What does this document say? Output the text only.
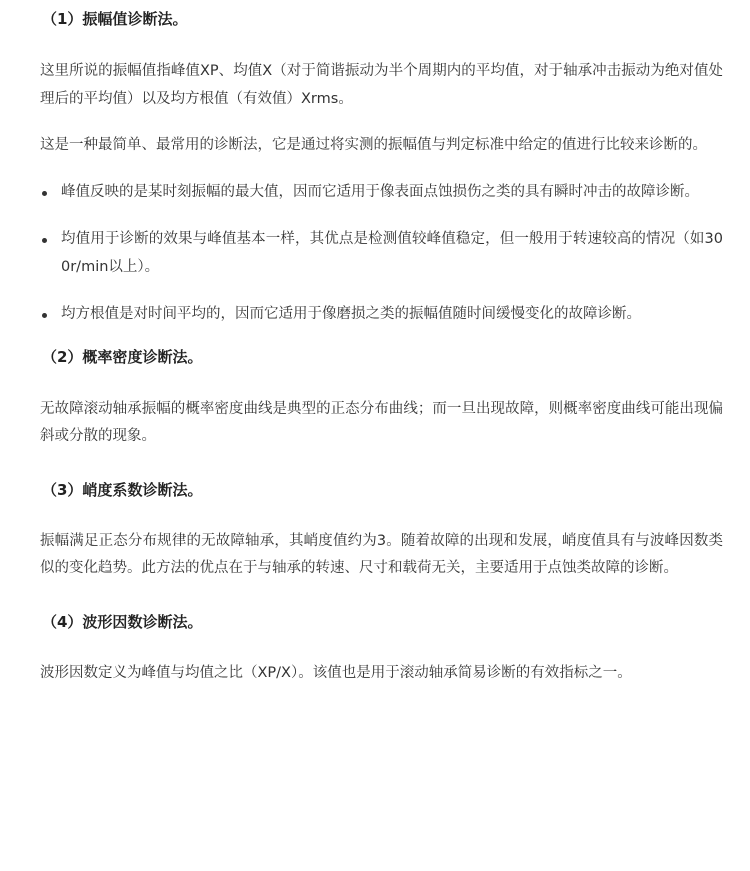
（1）振幅值诊断法。

这里所说的振幅值指峰值XP、均值X（对于简谐振动为半个周期内的平均值，对于轴承冲击振动为绝对值处理后的平均值）以及均方根值（有效值）Xrms。

这是一种最简单、最常用的诊断法，它是通过将实测的振幅值与判定标准中给定的值进行比较来诊断的。

峰值反映的是某时刻振幅的最大值，因而它适用于像表面点蚀损伤之类的具有瞬时冲击的故障诊断。
均值用于诊断的效果与峰值基本一样，其优点是检测值较峰值稳定，但一般用于转速较高的情况（如300r/min以上）。
均方根值是对时间平均的，因而它适用于像磨损之类的振幅值随时间缓慢变化的故障诊断。
（2）概率密度诊断法。

无故障滚动轴承振幅的概率密度曲线是典型的正态分布曲线；而一旦出现故障，则概率密度曲线可能出现偏斜或分散的现象。

（3）峭度系数诊断法。

振幅满足正态分布规律的无故障轴承，其峭度值约为3。随着故障的出现和发展，峭度值具有与波峰因数类似的变化趋势。此方法的优点在于与轴承的转速、尺寸和载荷无关，主要适用于点蚀类故障的诊断。

（4）波形因数诊断法。

波形因数定义为峰值与均值之比（XP/X）。该值也是用于滚动轴承简易诊断的有效指标之一。
